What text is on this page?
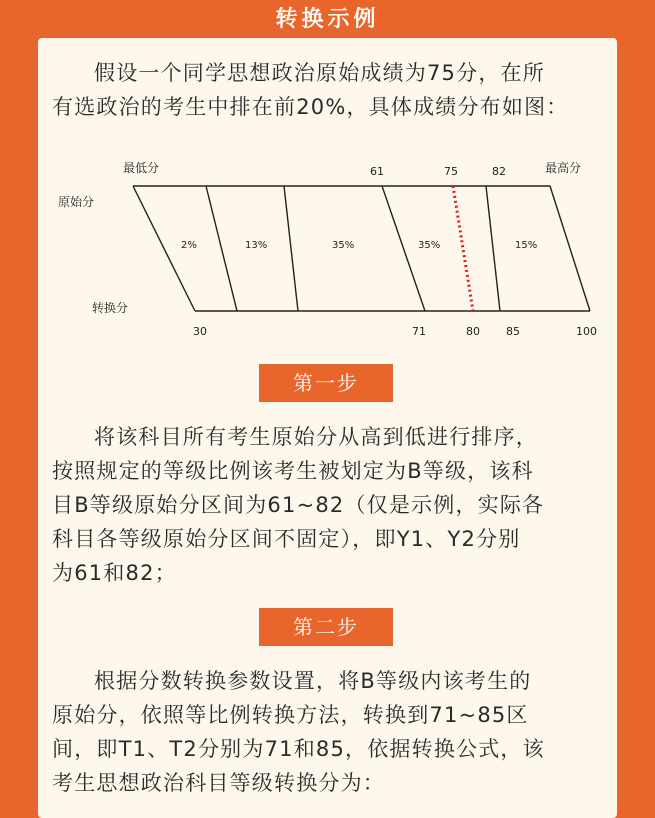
转换示例
假设一个同学思想政治原始成绩为75分，在所
有选政治的考生中排在前20%，具体成绩分布如图：
最低分	最高分
61	75	82
原始分
转换分
2%	13%	35%	35%	15%
30	71	80 85	100
第一步
将该科目所有考生原始分从高到低进行排序，
按照规定的等级比例该考生被划定为B等级，该科
目B等级原始分区间为61~82（仅是示例，实际各
科目各等级原始分区间不固定），即Y1、Y2分别
为61和82；
第二步
根据分数转换参数设置，将B等级内该考生的
原始分，依照等比例转换方法，转换到71~85区
间，即T1、T2分别为71和85，依据转换公式，该
考生思想政治科目等级转换分为：
